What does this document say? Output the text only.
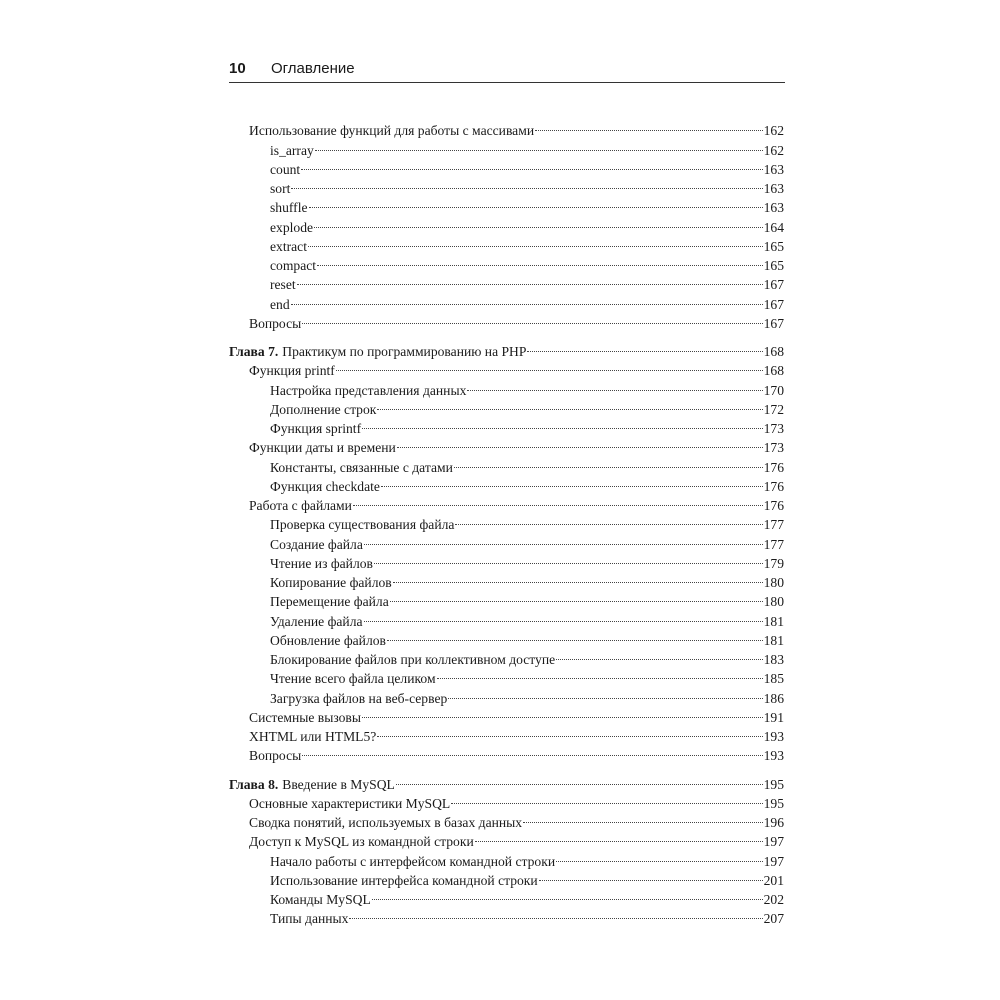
10 Оглавление
Использование функций для работы с массивами	162
is_array	162
count	163
sort	163
shuffle	163
explode	164
extract	165
compact	165
reset	167
end	167
Вопросы	167
Глава 7. Практикум по программированию на PHP	168
Функция printf	168
Настройка представления данных	170
Дополнение строк	172
Функция sprintf	173
Функции даты и времени	173
Константы, связанные с датами	176
Функция checkdate	176
Работа с файлами	176
Проверка существования файла	177
Создание файла	177
Чтение из файлов	179
Копирование файлов	180
Перемещение файла	180
Удаление файла	181
Обновление файлов	181
Блокирование файлов при коллективном доступе	183
Чтение всего файла целиком	185
Загрузка файлов на веб-сервер	186
Системные вызовы	191
XHTML или HTML5?	193
Вопросы	193
Глава 8. Введение в MySQL	195
Основные характеристики MySQL	195
Сводка понятий, используемых в базах данных	196
Доступ к MySQL из командной строки	197
Начало работы с интерфейсом командной строки	197
Использование интерфейса командной строки	201
Команды MySQL	202
Типы данных	207
